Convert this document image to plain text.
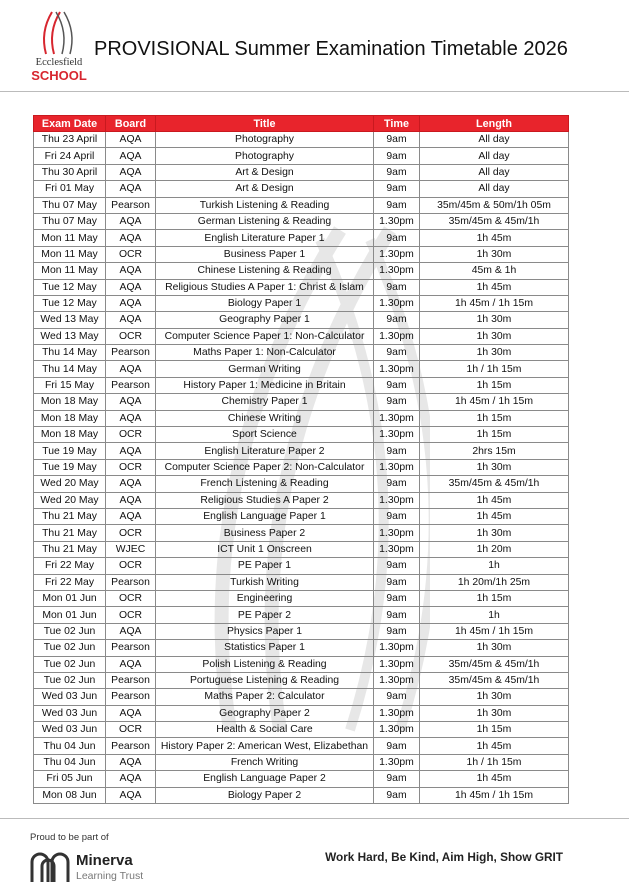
Ecclesfield
SCHOOL
PROVISIONAL Summer Examination Timetable 2026
Exam Date	Board	Title	Time	Length
Thu 23 April	AQA	Photography	9am	All day
Fri 24 April	AQA	Photography	9am	All day
Thu 30 April	AQA	Art & Design	9am	All day
Fri 01 May	AQA	Art & Design	9am	All day
Thu 07 May	Pearson	Turkish Listening & Reading	9am	35m/45m & 50m/1h 05m
Thu 07 May	AQA	German Listening & Reading	1.30pm	35m/45m & 45m/1h
Mon 11 May	AQA	English Literature Paper 1	9am	1h 45m
Mon 11 May	OCR	Business Paper 1	1.30pm	1h 30m
Mon 11 May	AQA	Chinese Listening & Reading	1.30pm	45m & 1h
Tue 12 May	AQA	Religious Studies A Paper 1: Christ & Islam	9am	1h 45m
Tue 12 May	AQA	Biology Paper 1	1.30pm	1h 45m / 1h 15m
Wed 13 May	AQA	Geography Paper 1	9am	1h 30m
Wed 13 May	OCR	Computer Science Paper 1: Non-Calculator	1.30pm	1h 30m
Thu 14 May	Pearson	Maths Paper 1: Non-Calculator	9am	1h 30m
Thu 14 May	AQA	German Writing	1.30pm	1h / 1h 15m
Fri 15 May	Pearson	History Paper 1: Medicine in Britain	9am	1h 15m
Mon 18 May	AQA	Chemistry Paper 1	9am	1h 45m / 1h 15m
Mon 18 May	AQA	Chinese Writing	1.30pm	1h 15m
Mon 18 May	OCR	Sport Science	1.30pm	1h 15m
Tue 19 May	AQA	English Literature Paper 2	9am	2hrs 15m
Tue 19 May	OCR	Computer Science Paper 2: Non-Calculator	1.30pm	1h 30m
Wed 20 May	AQA	French Listening & Reading	9am	35m/45m & 45m/1h
Wed 20 May	AQA	Religious Studies A Paper 2	1.30pm	1h 45m
Thu 21 May	AQA	English Language Paper 1	9am	1h 45m
Thu 21 May	OCR	Business Paper 2	1.30pm	1h 30m
Thu 21 May	WJEC	ICT Unit 1 Onscreen	1.30pm	1h 20m
Fri 22 May	OCR	PE Paper 1	9am	1h
Fri 22 May	Pearson	Turkish Writing	9am	1h 20m/1h 25m
Mon 01 Jun	OCR	Engineering	9am	1h 15m
Mon 01 Jun	OCR	PE Paper 2	9am	1h
Tue 02 Jun	AQA	Physics Paper 1	9am	1h 45m / 1h 15m
Tue 02 Jun	Pearson	Statistics Paper 1	1.30pm	1h 30m
Tue 02 Jun	AQA	Polish Listening & Reading	1.30pm	35m/45m & 45m/1h
Tue 02 Jun	Pearson	Portuguese Listening & Reading	1.30pm	35m/45m & 45m/1h
Wed 03 Jun	Pearson	Maths Paper 2: Calculator	9am	1h 30m
Wed 03 Jun	AQA	Geography Paper 2	1.30pm	1h 30m
Wed 03 Jun	OCR	Health & Social Care	1.30pm	1h 15m
Thu 04 Jun	Pearson	History Paper 2: American West, Elizabethan	9am	1h 45m
Thu 04 Jun	AQA	French Writing	1.30pm	1h / 1h 15m
Fri 05 Jun	AQA	English Language Paper 2	9am	1h 45m
Mon 08 Jun	AQA	Biology Paper 2	9am	1h 45m / 1h 15m
Proud to be part of
Minerva
Learning Trust
Work Hard, Be Kind, Aim High, Show GRIT
